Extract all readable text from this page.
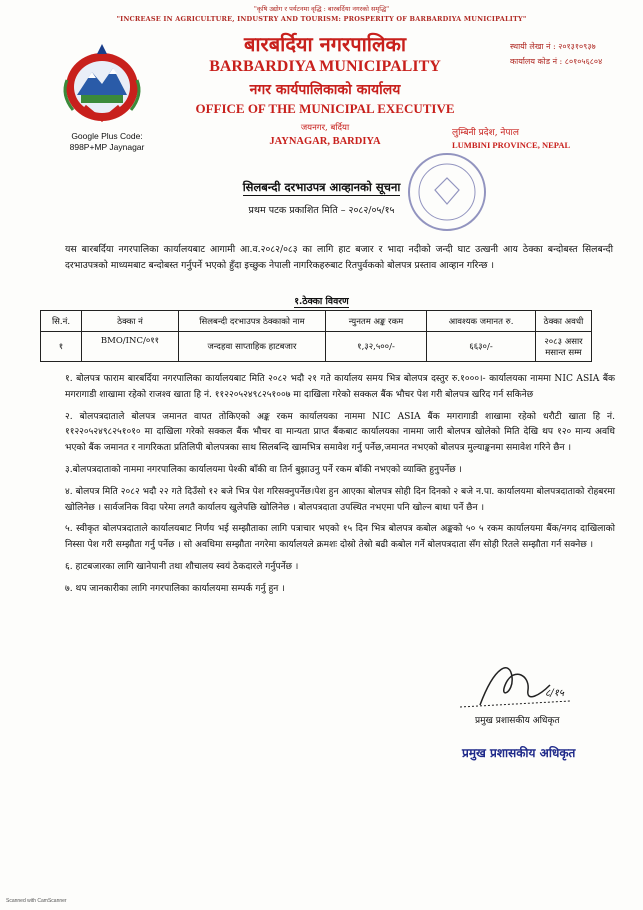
"कृषि उद्योग र पर्यटनमा वृद्धि : बारबर्दिया नगरको समृद्धि"
"INCREASE IN AGRICULTURE, INDUSTRY AND TOURISM: PROSPERITY OF BARBARDIYA MUNICIPALITY"
Google Plus Code:
898P+MP Jaynagar
बारबर्दिया नगरपालिका
BARBARDIYA MUNICIPALITY
नगर कार्यपालिकाको कार्यालय
OFFICE OF THE MUNICIPAL EXECUTIVE
जयनगर, बर्दिया
JAYNAGAR, BARDIYA
स्थायी लेखा नं : २०१३१०९३७
कार्यालय कोड नं : ८०१०५६८०४
लुम्बिनी प्रदेश, नेपाल
LUMBINI PROVINCE, NEPAL
सिलबन्दी दरभाउपत्र आव्हानको सूचना
प्रथम पटक प्रकाशित मिति – २०८२/०५/१५
यस बारबर्दिया नगरपालिका कार्यालयबाट आगामी आ.व.२०८२/०८३ का लागि हाट बजार र भादा नदीको जन्दी घाट उत्खनी आय ठेक्का बन्दोबस्त सिलबन्दी दरभाउपत्रको माध्यमबाट बन्दोबस्त गर्नुपर्ने भएको हुँदा इच्छुक नेपाली नागरिकहरुबाट रितपुर्वकको बोलपत्र प्रस्ताव आव्हान गरिन्छ ।
१.ठेक्का विवरण
सि.नं.	ठेक्का नं	सिलबन्दी दरभाउपत्र ठेक्काको नाम	न्युनतम अङ्क रकम	आवश्यक जमानत रु.	ठेक्का अवधी
१	BMO/INC/०११	जन्दहवा साप्ताहिक हाटबजार	१,३२,५००/-	६६३०/-	२०८३ असार मसान्त सम्म

१. बोलपत्र फाराम बारबर्दिया नगरपालिका कार्यालयबाट मिति २०८२ भदौ २१ गते कार्यालय समय भित्र बोलपत्र दस्तुर रु.१०००।- कार्यालयका नाममा NIC ASIA बैंक मगरागाडी शाखामा रहेको राजश्व खाता हि नं. ११२२०५२४९८२५१००७ मा दाखिला गरेको सक्कल बैंक भौचर पेश गरी बोलपत्र खरिद गर्न सकिनेछ

२. बोलपत्रदाताले बोलपत्र जमानत वापत तोकिएको अङ्क रकम कार्यालयका नाममा NIC ASIA बैंक मगरागाडी शाखामा रहेको धरौटी खाता हि नं. ११२२०५२४९८२५१०१० मा दाखिला गरेको सक्कल बैंक भौचर वा मान्यता प्राप्त बैंकबाट कार्यालयका नाममा जारी बोलपत्र खोलेको मिति देखि थप १२० मान्य अवधि भएको बैंक जमानत र नागरिकता प्रतिलिपी बोलपत्रका साथ सिलबन्दि खामभित्र समावेश गर्नु पर्नेछ,जमानत नभएको बोलपत्र मुल्याङ्कनमा समावेश गरिने छैन ।

३.बोलपत्रदाताको नाममा नगरपालिका कार्यालयमा पेश्की बाँकी वा तिर्न बुझाउनु पर्ने रकम बाँकी नभएको व्याक्ति हुनुपर्नेछ ।

४. बोलपत्र मिति २०८२ भदौ २२ गते दिउँसो १२ बजे भित्र पेश गरिसक्नुपर्नेछ।पेश हुन आएका बोलपत्र सोही दिन दिनको २ बजे न.पा. कार्यालयमा बोलपत्रदाताको रोहबरमा खोलिनेछ । सार्वजनिक विदा परेमा लगतै कार्यालय खुलेपछि खोलिनेछ । बोलपत्रदाता उपस्थित नभएमा पनि खोल्न बाधा पर्ने छैन ।

५. स्वीकृत बोलपत्रदाताले कार्यालयबाट निर्णय भई सम्झौताका लागि पत्राचार भएको १५ दिन भित्र बोलपत्र कबोल अङ्कको ५० ५ रकम कार्यालयमा बैंक/नगद दाखिलाको निस्सा पेश गरी सम्झौता गर्नु पर्नेछ । सो अवधिमा सम्झौता नगरेमा कार्यालयले क्रमशः दोस्रो तेस्रो बढी कबोल गर्ने बोलपत्रदाता सँग सोही रितले सम्झौता गर्न सक्नेछ ।

६. हाटबजारका लागि खानेपानी तथा शौचालय स्वयं ठेकदारले गर्नुपर्नेछ ।

७. थप जानकारीका लागि नगरपालिका कार्यालयमा सम्पर्क गर्नु हुन ।

८/१५
प्रमुख प्रशासकीय अधिकृत
प्रमुख प्रशासकीय अधिकृत
Scanned with CamScanner
